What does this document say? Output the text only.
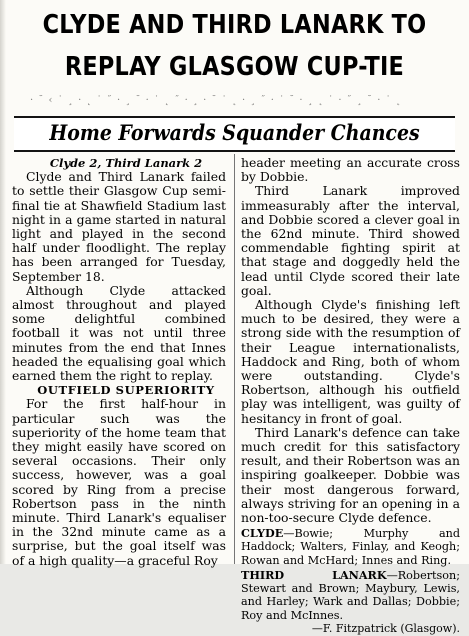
CLYDE AND THIRD LANARK TO
REPLAY GLASGOW CUP-TIE
· ˘ ‹ ˙ ¸ · ˛ ˙ ˝ · ¸ ˘ · ˙ ˛ ˝ · ¸ · ˘ ˙ ˛ · ¸ ˝ · ˙ ˘ · ¸ ˛ ˙ · ˝ ¸ ˘ · ˙ ˛
Home Forwards Squander Chances

Clyde 2, Third Lanark 2

Clyde and Third Lanark failed to settle their Glasgow Cup semi-final tie at Shawfield Stadium last night in a game started in natural light and played in the second half under floodlight. The replay has been arranged for Tuesday, September 18.

Although Clyde attacked almost throughout and played some delightful combined football it was not until three minutes from the end that Innes headed the equalising goal which earned them the right to replay.

OUTFIELD SUPERIORITY

For the first half-hour in particular such was the superiority of the home team that they might easily have scored on several occasions. Their only success, however, was a goal scored by Ring from a precise Robertson pass in the ninth minute. Third Lanark's equaliser in the 32nd minute came as a surprise, but the goal itself was of a high quality—a graceful Roy

header meeting an accurate cross by Dobbie.

Third Lanark improved immeasurably after the interval, and Dobbie scored a clever goal in the 62nd minute. Third showed commendable fighting spirit at that stage and doggedly held the lead until Clyde scored their late goal.

Although Clyde's finishing left much to be desired, they were a strong side with the resumption of their League internationalists, Haddock and Ring, both of whom were outstanding. Clyde's Robertson, although his outfield play was intelligent, was guilty of hesitancy in front of goal.

Third Lanark's defence can take much credit for this satisfactory result, and their Robertson was an inspiring goalkeeper. Dobbie was their most dangerous forward, always striving for an opening in a non-too-secure Clyde defence.

CLYDE—Bowie; Murphy and Haddock; Walters, Finlay, and Keogh; Rowan and McHard; Innes and Ring.

THIRD LANARK—Robertson; Stewart and Brown; Maybury, Lewis, and Harley; Wark and Dallas; Dobbie; Roy and McInnes.

—F. Fitzpatrick (Glasgow).
